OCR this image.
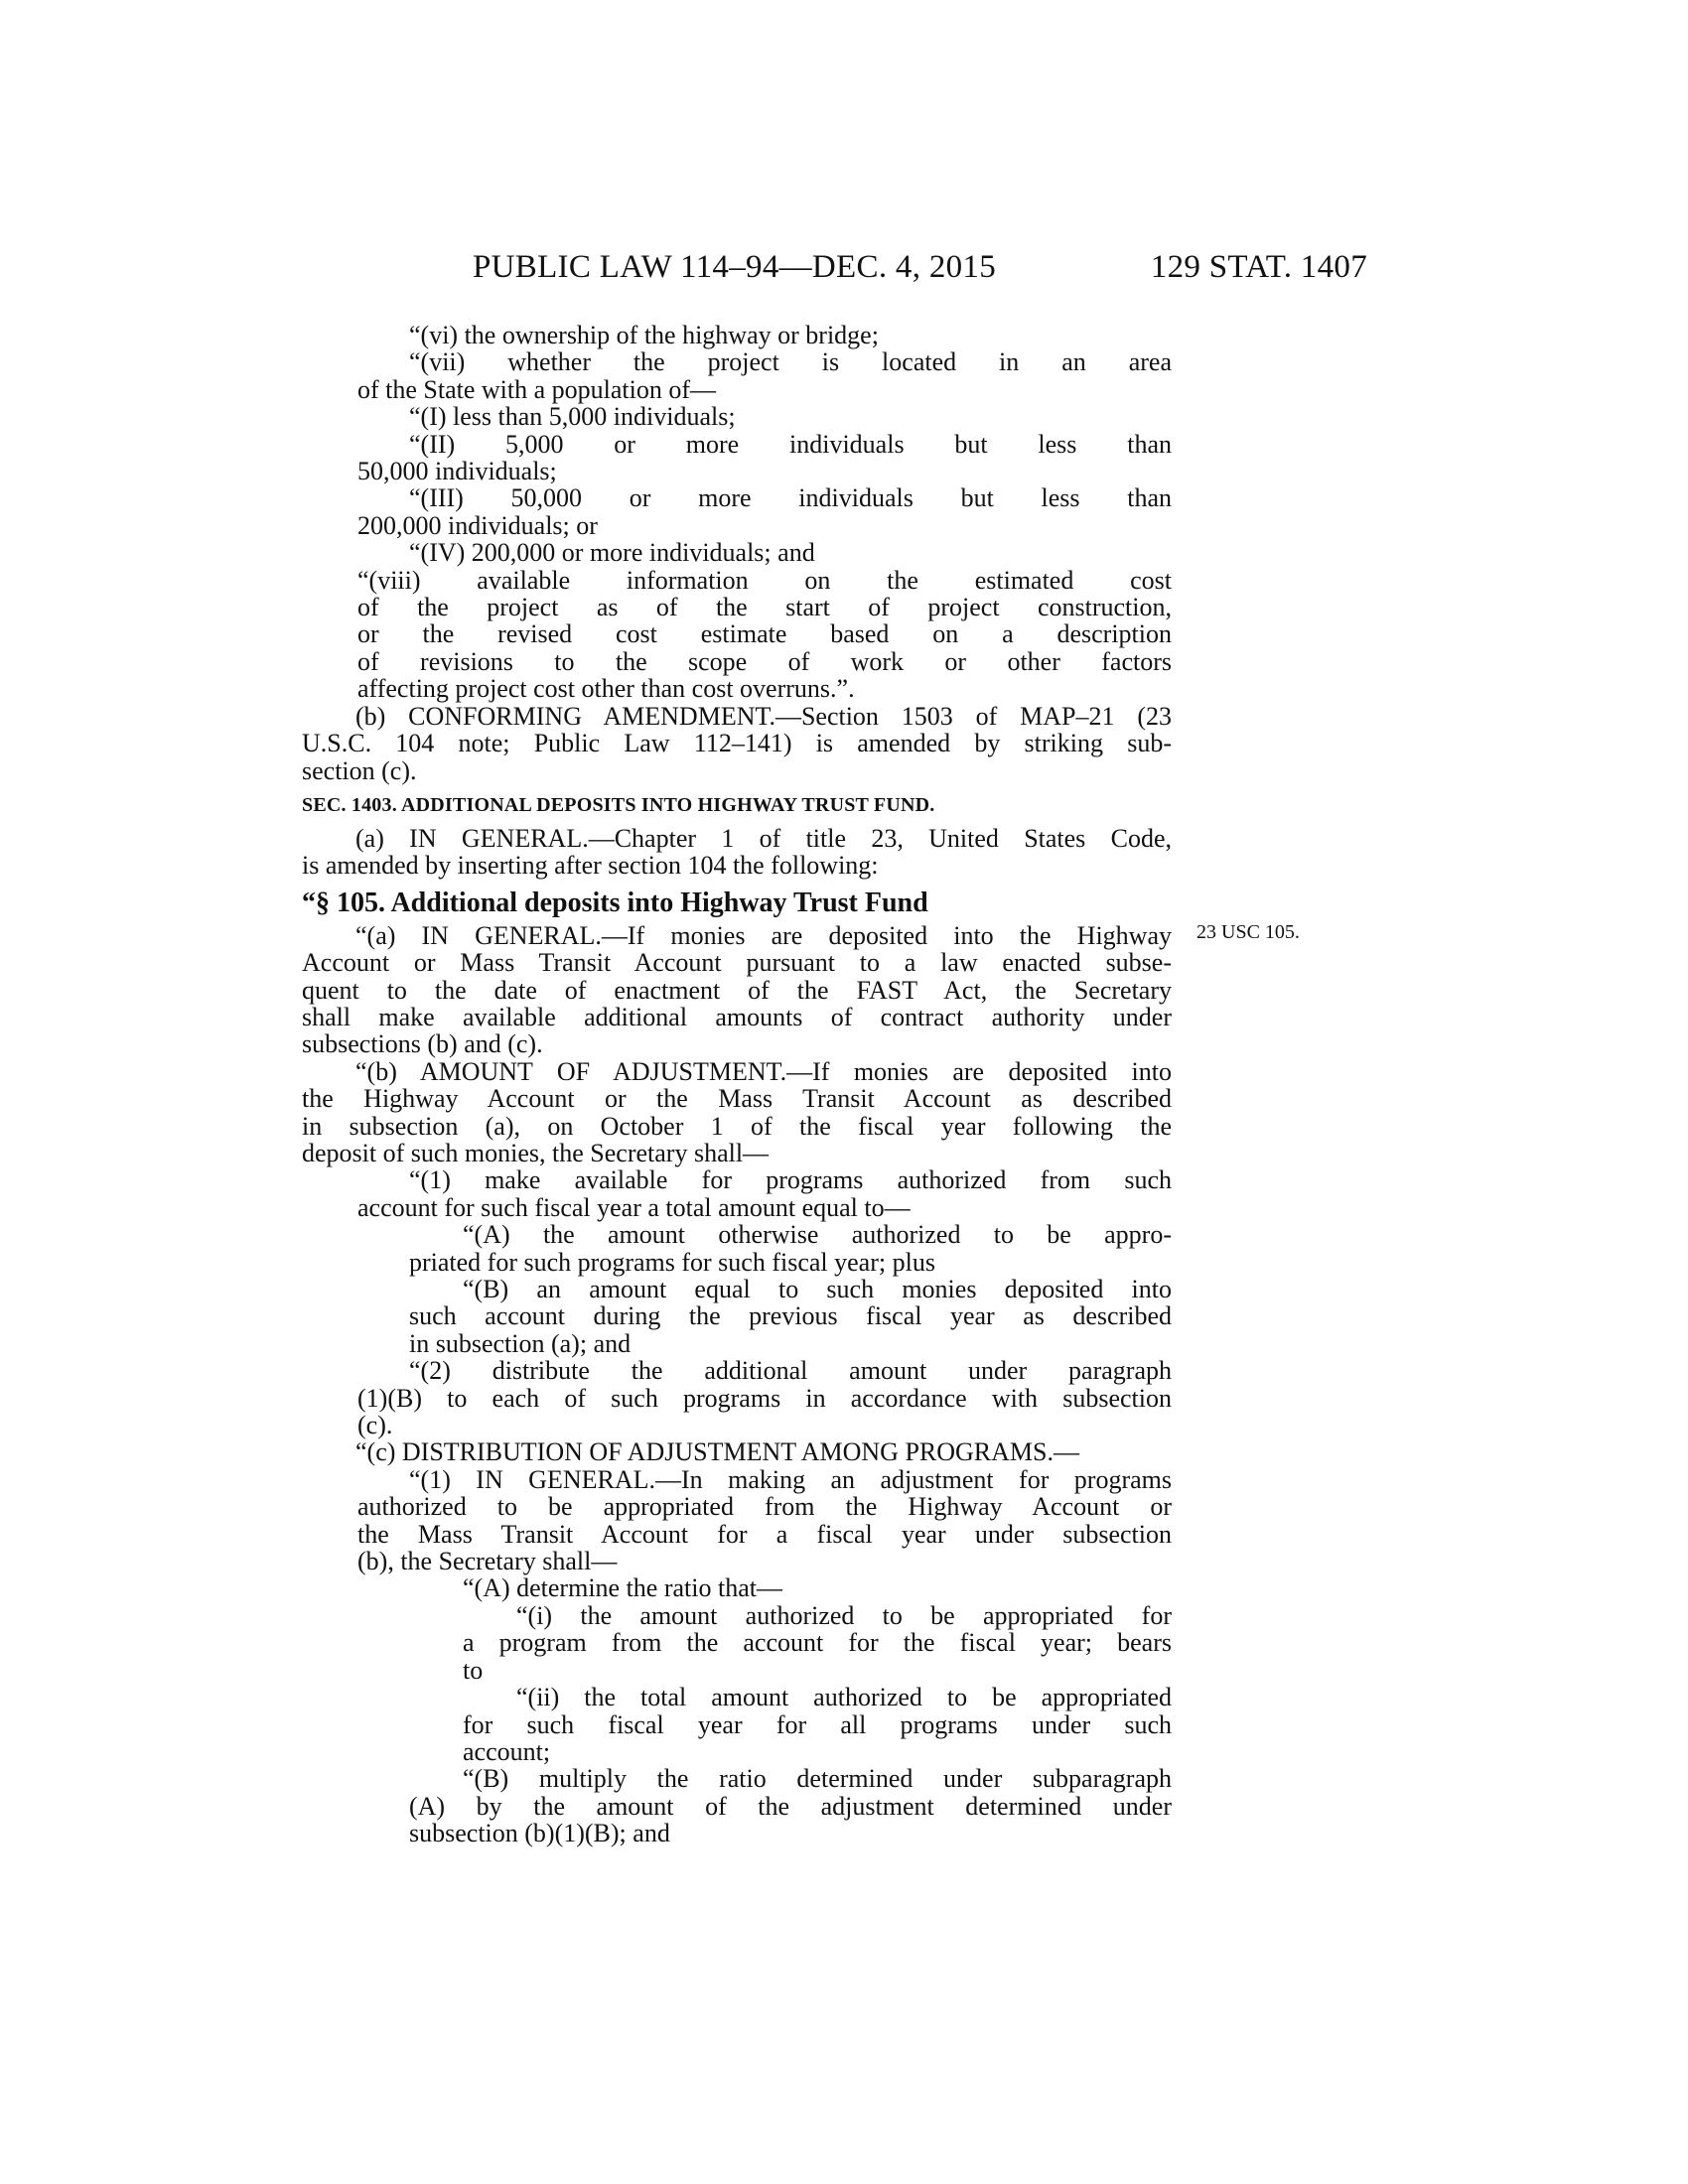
PUBLIC LAW 114–94—DEC. 4, 2015	129 STAT. 1407
23 USC 105.
“(vi) the ownership of the highway or bridge;
“(vii) whether the project is located in an area
of the State with a population of—
“(I) less than 5,000 individuals;
“(II) 5,000 or more individuals but less than
50,000 individuals;
“(III) 50,000 or more individuals but less than
200,000 individuals; or
“(IV) 200,000 or more individuals; and
“(viii) available information on the estimated cost
of the project as of the start of project construction,
or the revised cost estimate based on a description
of revisions to the scope of work or other factors
affecting project cost other than cost overruns.”.
(b) CONFORMING AMENDMENT.—Section 1503 of MAP–21 (23
U.S.C. 104 note; Public Law 112–141) is amended by striking sub-
section (c).
SEC. 1403. ADDITIONAL DEPOSITS INTO HIGHWAY TRUST FUND.
(a) IN GENERAL.—Chapter 1 of title 23, United States Code,
is amended by inserting after section 104 the following:
“§ 105. Additional deposits into Highway Trust Fund
“(a) IN GENERAL.—If monies are deposited into the Highway
Account or Mass Transit Account pursuant to a law enacted subse-
quent to the date of enactment of the FAST Act, the Secretary
shall make available additional amounts of contract authority under
subsections (b) and (c).
“(b) AMOUNT OF ADJUSTMENT.—If monies are deposited into
the Highway Account or the Mass Transit Account as described
in subsection (a), on October 1 of the fiscal year following the
deposit of such monies, the Secretary shall—
“(1) make available for programs authorized from such
account for such fiscal year a total amount equal to—
“(A) the amount otherwise authorized to be appro-
priated for such programs for such fiscal year; plus
“(B) an amount equal to such monies deposited into
such account during the previous fiscal year as described
in subsection (a); and
“(2) distribute the additional amount under paragraph
(1)(B) to each of such programs in accordance with subsection
(c).
“(c) DISTRIBUTION OF ADJUSTMENT AMONG PROGRAMS.—
“(1) IN GENERAL.—In making an adjustment for programs
authorized to be appropriated from the Highway Account or
the Mass Transit Account for a fiscal year under subsection
(b), the Secretary shall—
“(A) determine the ratio that—
“(i) the amount authorized to be appropriated for
a program from the account for the fiscal year; bears
to
“(ii) the total amount authorized to be appropriated
for such fiscal year for all programs under such
account;
“(B) multiply the ratio determined under subparagraph
(A) by the amount of the adjustment determined under
subsection (b)(1)(B); and
